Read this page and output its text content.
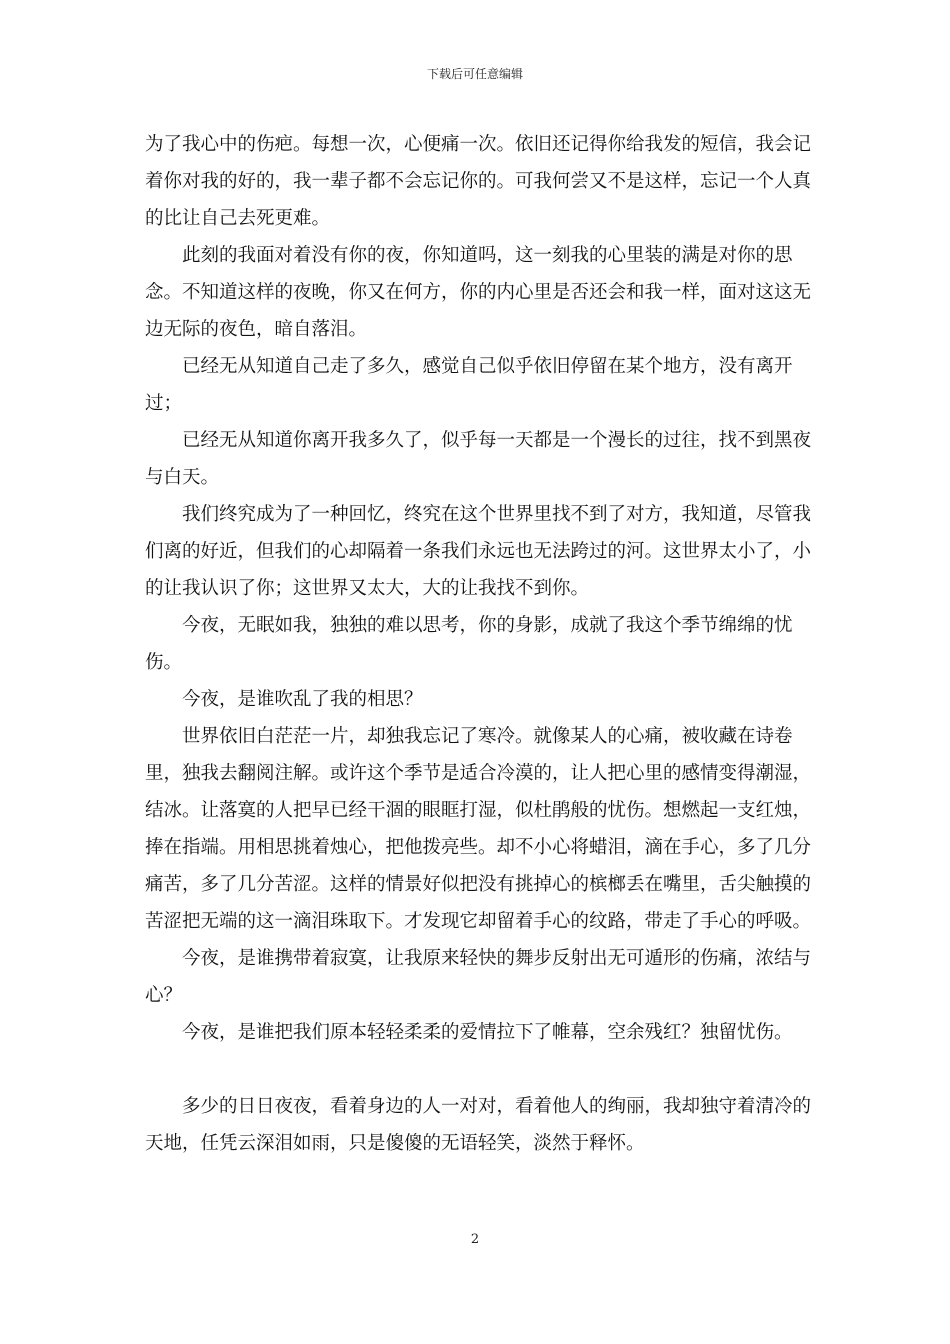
下载后可任意编辑

为了我心中的伤疤。每想一次，心便痛一次。依旧还记得你给我发的短信，我会记着你对我的好的，我一辈子都不会忘记你的。可我何尝又不是这样，忘记一个人真的比让自己去死更难。

此刻的我面对着没有你的夜，你知道吗，这一刻我的心里装的满是对你的思念。不知道这样的夜晚，你又在何方，你的内心里是否还会和我一样，面对这这无边无际的夜色，暗自落泪。

已经无从知道自己走了多久，感觉自己似乎依旧停留在某个地方，没有离开过；

已经无从知道你离开我多久了，似乎每一天都是一个漫长的过往，找不到黑夜与白天。

我们终究成为了一种回忆，终究在这个世界里找不到了对方，我知道，尽管我们离的好近，但我们的心却隔着一条我们永远也无法跨过的河。这世界太小了，小的让我认识了你；这世界又太大，大的让我找不到你。

今夜，无眠如我，独独的难以思考，你的身影，成就了我这个季节绵绵的忧伤。

今夜，是谁吹乱了我的相思？

世界依旧白茫茫一片，却独我忘记了寒冷。就像某人的心痛，被收藏在诗卷里，独我去翻阅注解。或许这个季节是适合冷漠的，让人把心里的感情变得潮湿，结冰。让落寞的人把早已经干涸的眼眶打湿，似杜鹃般的忧伤。想燃起一支红烛，捧在指端。用相思挑着烛心，把他拨亮些。却不小心将蜡泪，滴在手心，多了几分痛苦，多了几分苦涩。这样的情景好似把没有挑掉心的槟榔丢在嘴里，舌尖触摸的苦涩把无端的这一滴泪珠取下。才发现它却留着手心的纹路，带走了手心的呼吸。

今夜，是谁携带着寂寞，让我原来轻快的舞步反射出无可遁形的伤痛，浓结与心？

今夜，是谁把我们原本轻轻柔柔的爱情拉下了帷幕，空余残红？独留忧伤。

多少的日日夜夜，看着身边的人一对对，看着他人的绚丽，我却独守着清冷的天地，任凭云深泪如雨，只是傻傻的无语轻笑，淡然于释怀。

2
